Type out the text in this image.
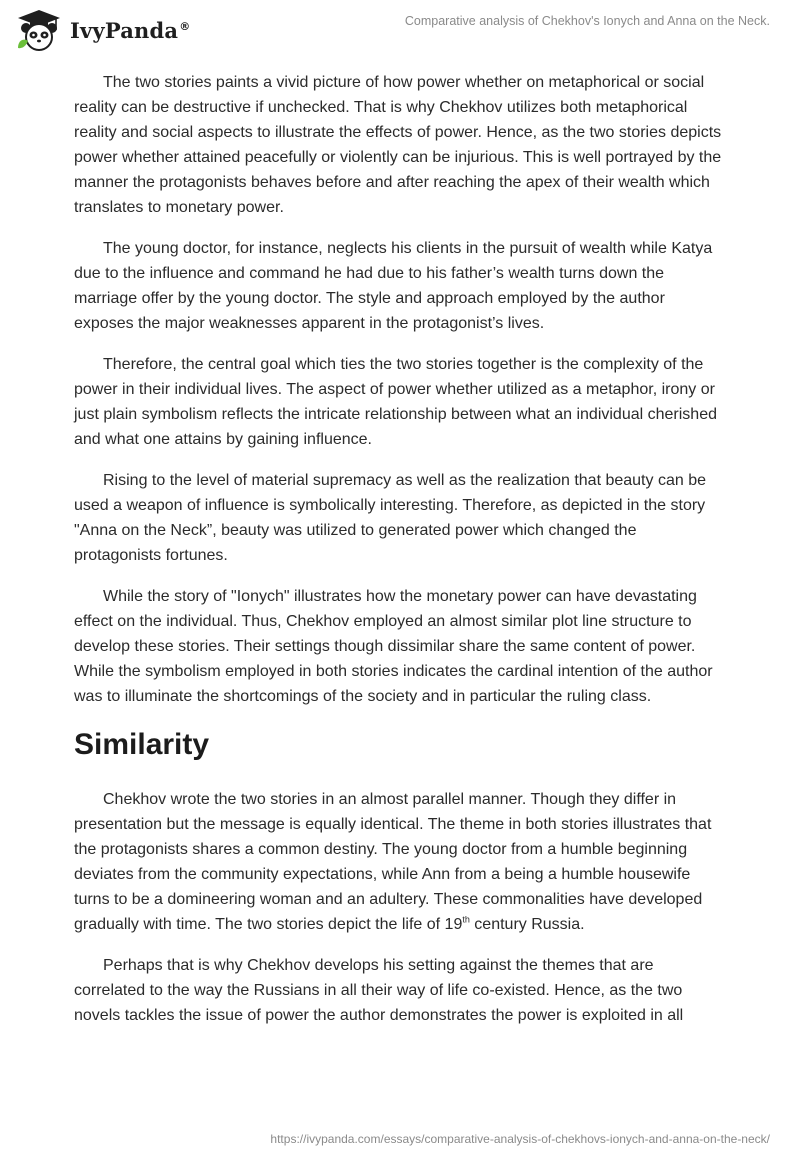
IvyPanda®	Comparative analysis of Chekhov's Ionych and Anna on the Neck.

The two stories paints a vivid picture of how power whether on metaphorical or social reality can be destructive if unchecked. That is why Chekhov utilizes both metaphorical reality and social aspects to illustrate the effects of power. Hence, as the two stories depicts power whether attained peacefully or violently can be injurious. This is well portrayed by the manner the protagonists behaves before and after reaching the apex of their wealth which translates to monetary power.

The young doctor, for instance, neglects his clients in the pursuit of wealth while Katya due to the influence and command he had due to his father’s wealth turns down the marriage offer by the young doctor. The style and approach employed by the author exposes the major weaknesses apparent in the protagonist’s lives.

Therefore, the central goal which ties the two stories together is the complexity of the power in their individual lives. The aspect of power whether utilized as a metaphor, irony or just plain symbolism reflects the intricate relationship between what an individual cherished and what one attains by gaining influence.

Rising to the level of material supremacy as well as the realization that beauty can be used a weapon of influence is symbolically interesting. Therefore, as depicted in the story "Anna on the Neck”, beauty was utilized to generated power which changed the protagonists fortunes.

While the story of "Ionych" illustrates how the monetary power can have devastating effect on the individual. Thus, Chekhov employed an almost similar plot line structure to develop these stories. Their settings though dissimilar share the same content of power. While the symbolism employed in both stories indicates the cardinal intention of the author was to illuminate the shortcomings of the society and in particular the ruling class.

Similarity

Chekhov wrote the two stories in an almost parallel manner. Though they differ in presentation but the message is equally identical. The theme in both stories illustrates that the protagonists shares a common destiny. The young doctor from a humble beginning deviates from the community expectations, while Ann from a being a humble housewife turns to be a domineering woman and an adultery. These commonalities have developed gradually with time. The two stories depict the life of 19th century Russia.

Perhaps that is why Chekhov develops his setting against the themes that are correlated to the way the Russians in all their way of life co-existed. Hence, as the two novels tackles the issue of power the author demonstrates the power is exploited in all

https://ivypanda.com/essays/comparative-analysis-of-chekhovs-ionych-and-anna-on-the-neck/
